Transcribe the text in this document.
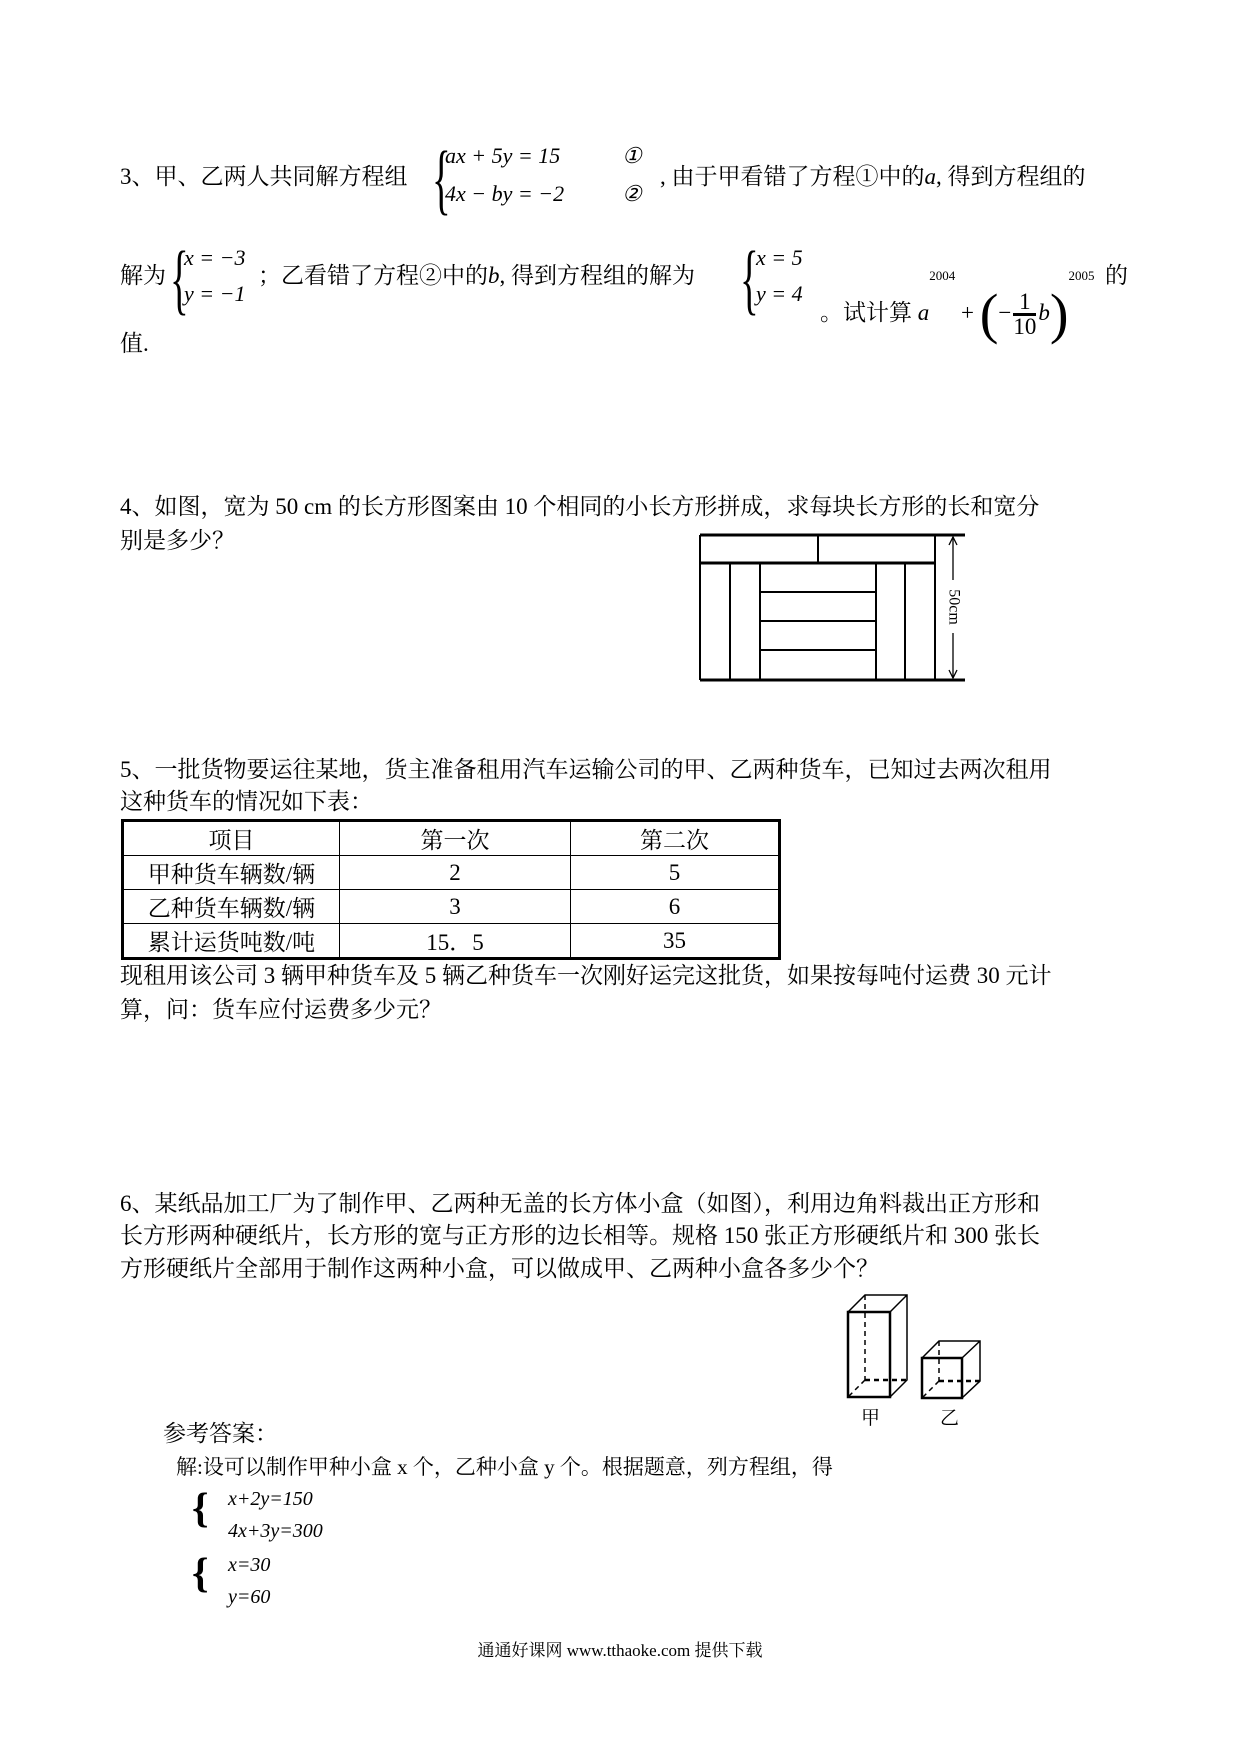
3、甲、乙两人共同解方程组 {
ax + 5y = 15
4x − by = −2
①
②
, 由于甲看错了方程①中的a, 得到方程组的
解为 {
x = −3
y = −1
；乙看错了方程②中的b, 得到方程组的解为 {
x = 5
y = 4
。试计算 $a^{2004}$ + (− $\frac{1}{10} b)^{2005}$ 的
值.
4、如图，宽为 50 cm 的长方形图案由 10 个相同的小长方形拼成，求每块长方形的长和宽分
别是多少？
50cm
5、一批货物要运往某地，货主准备租用汽车运输公司的甲、乙两种货车，已知过去两次租用
这种货车的情况如下表：
项目	第一次	第二次
甲种货车辆数/辆	2	5
乙种货车辆数/辆	3	6
累计运货吨数/吨	15．5	35
现租用该公司 3 辆甲种货车及 5 辆乙种货车一次刚好运完这批货，如果按每吨付运费 30 元计
算，问：货车应付运费多少元？
6、某纸品加工厂为了制作甲、乙两种无盖的长方体小盒（如图），利用边角料裁出正方形和
长方形两种硬纸片，长方形的宽与正方形的边长相等。规格 150 张正方形硬纸片和 300 张长
方形硬纸片全部用于制作这两种小盒，可以做成甲、乙两种小盒各多少个？
甲	乙
参考答案：
解:设可以制作甲种小盒 x 个，乙种小盒 y 个。根据题意，列方程组，得
{ x+2y=150
4x+3y=300
{ x=30
y=60
通通好课网 www.tthaoke.com 提供下载
